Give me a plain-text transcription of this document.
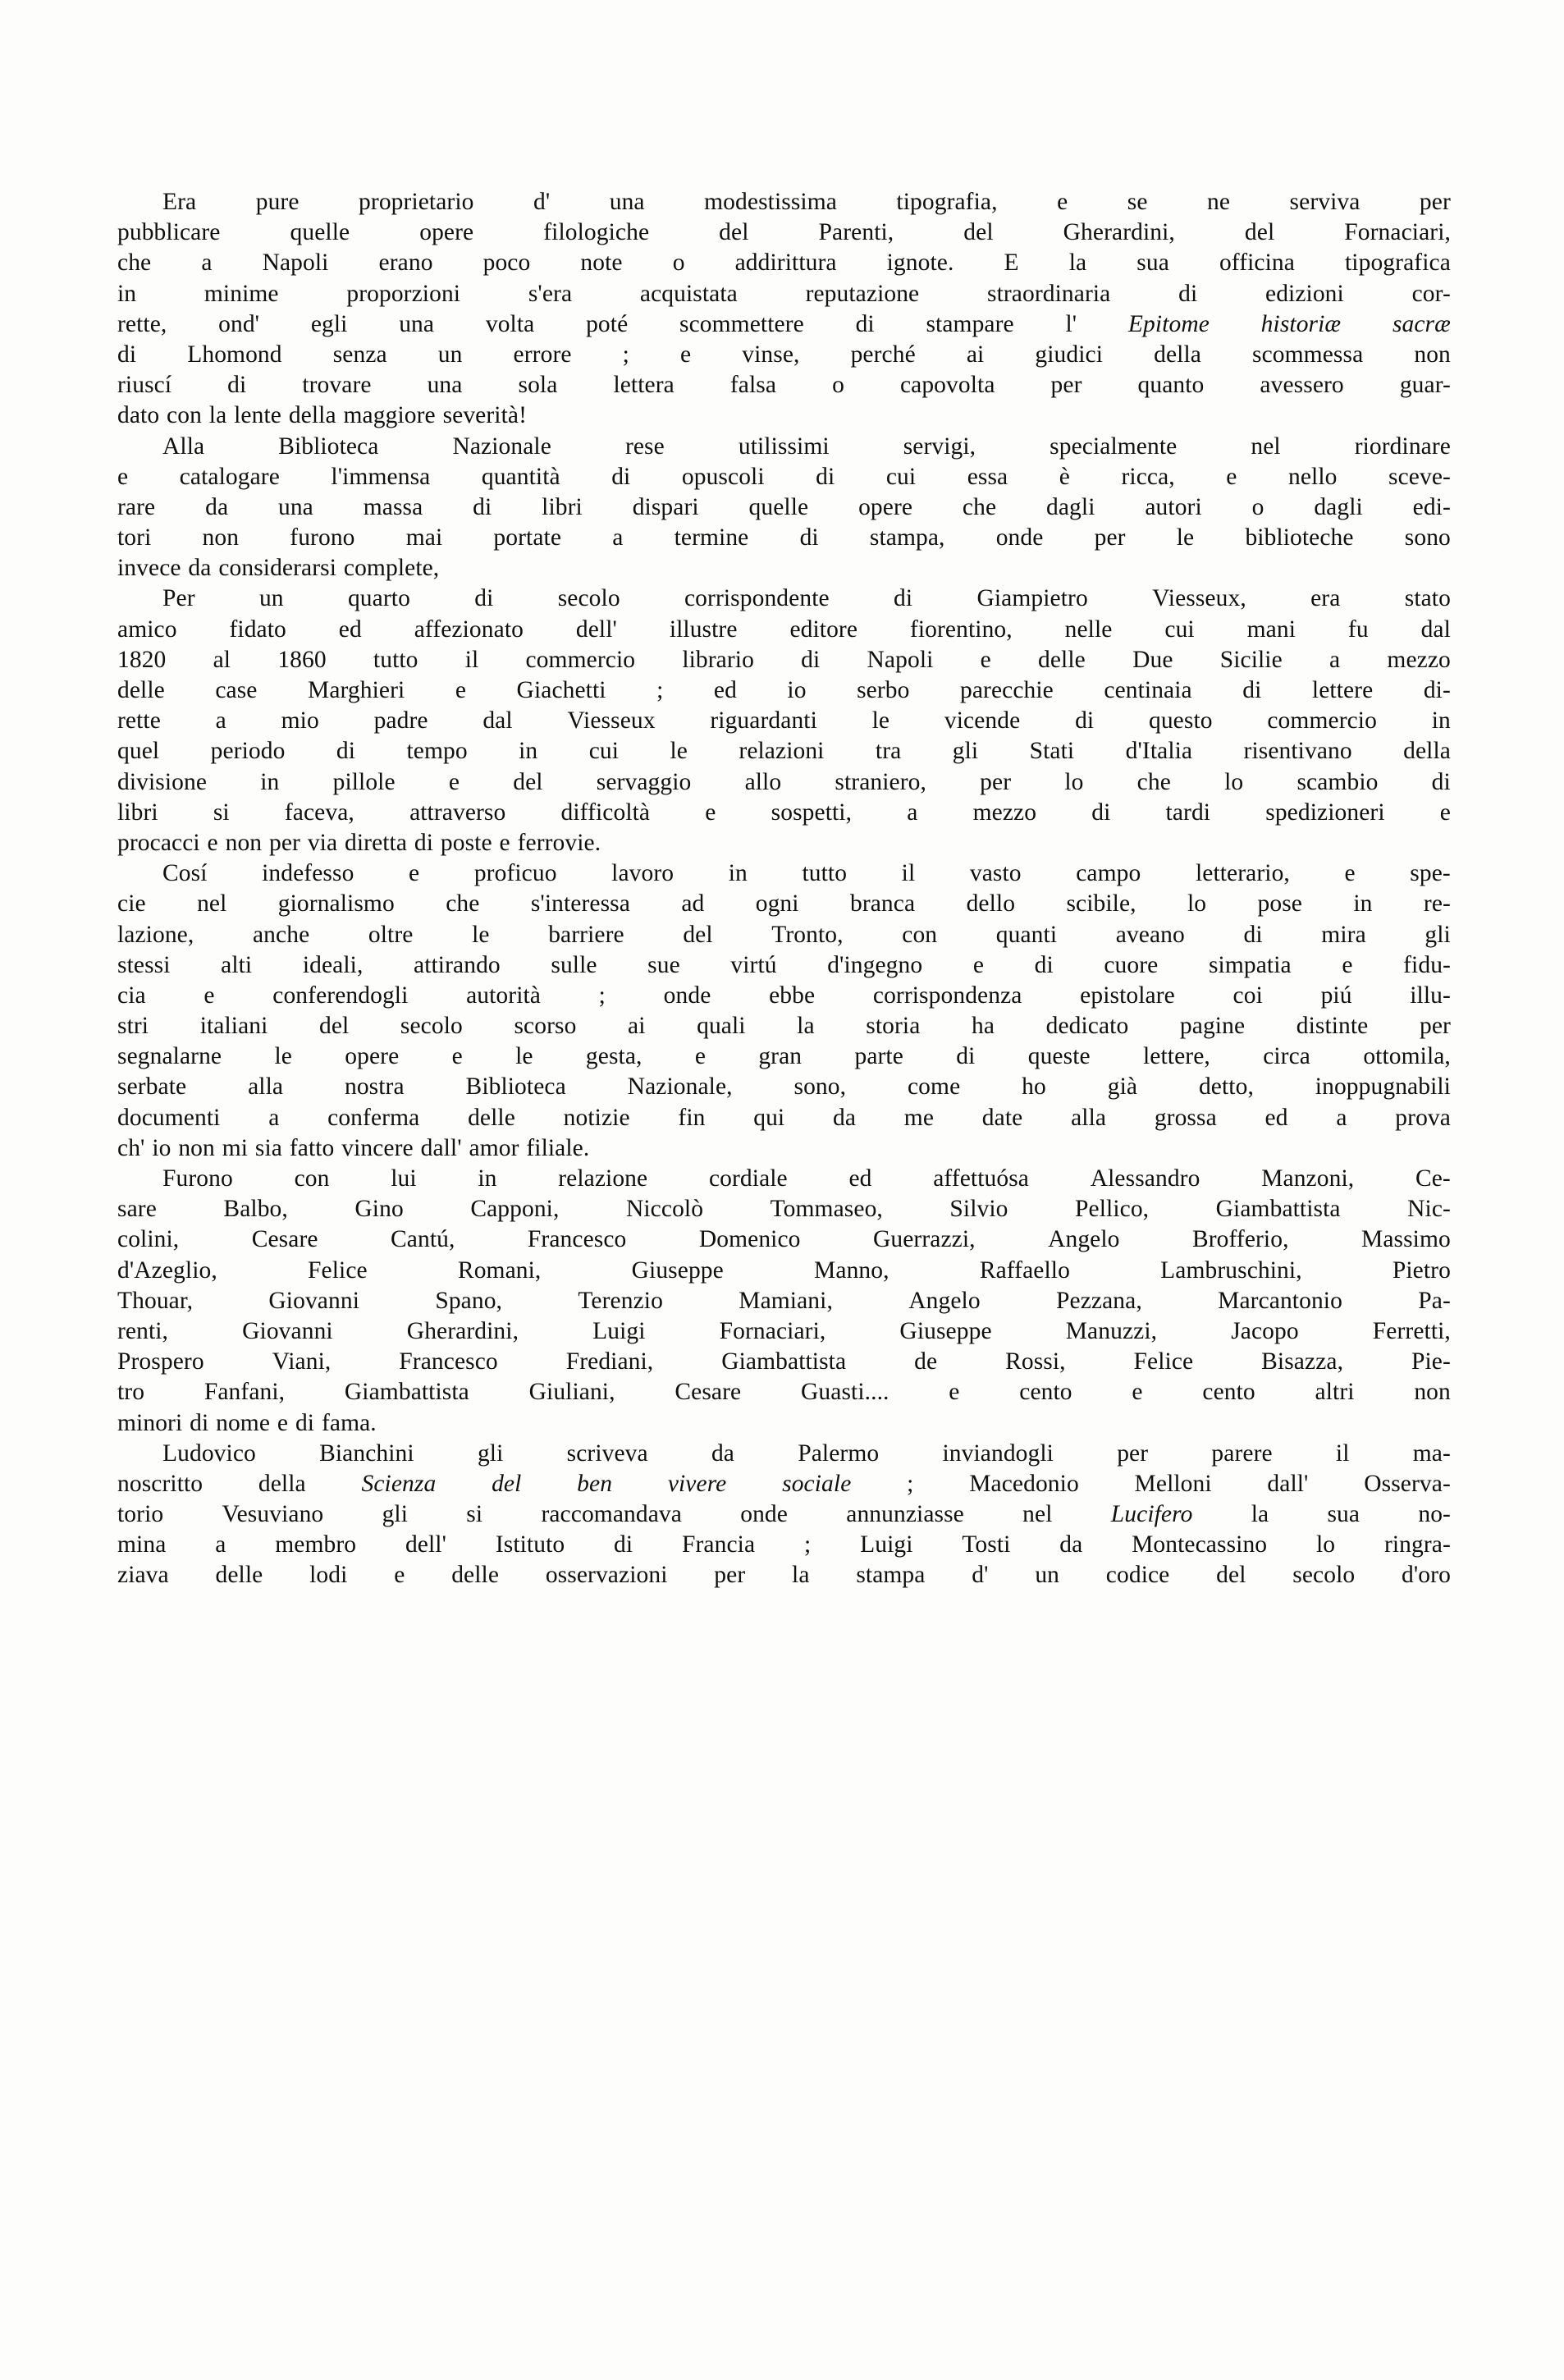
Era pure proprietario d' una modestissima tipografia, e se ne serviva per
pubblicare	quelle	opere	filologiche	del	Parenti,	del	Gherardini,	del	Fornaciari,
che a Napoli erano poco note o addirittura ignote. E la sua officina tipografica
in	minime	proporzioni	s'era	acquistata	reputazione	straordinaria	di	edizioni	cor-
rette, ond' egli una volta poté scommettere di stampare l' Epitome historiæ sacræ
di Lhomond senza un errore ; e vinse, perché ai giudici della scommessa non
riuscí di trovare una sola lettera falsa o capovolta per quanto avessero guar-
dato con la lente della maggiore severità!
Alla	Biblioteca	Nazionale	rese	utilissimi	servigi,	specialmente	nel	riordinare
e catalogare l'immensa quantità di opuscoli di cui essa è ricca, e nello sceve-
rare da una massa di libri dispari quelle opere che dagli autori o dagli edi-
tori non furono mai portate a termine di stampa, onde per le biblioteche sono
invece da considerarsi complete,
Per	un	quarto	di	secolo	corrispondente	di	Giampietro	Viesseux,	era	stato
amico fidato ed affezionato dell' illustre editore fiorentino, nelle cui mani fu dal
1820 al 1860 tutto il commercio librario di Napoli e delle Due Sicilie a mezzo
delle case Marghieri e Giachetti ; ed io serbo parecchie centinaia di lettere di-
rette a mio padre dal Viesseux riguardanti le vicende di questo commercio in
quel periodo di tempo in cui le relazioni tra gli Stati d'Italia risentivano della
divisione in pillole e del servaggio allo straniero, per lo che lo scambio di
libri si faceva, attraverso difficoltà e sospetti, a mezzo di tardi spedizioneri e
procacci e non per via diretta di poste e ferrovie.
Cosí indefesso e proficuo lavoro in tutto il vasto campo letterario, e spe-
cie nel giornalismo che s'interessa ad ogni branca dello scibile, lo pose in re-
lazione, anche oltre le barriere del Tronto, con quanti aveano di mira gli
stessi alti ideali, attirando sulle sue virtú d'ingegno e di cuore simpatia e fidu-
cia e conferendogli autorità ; onde ebbe corrispondenza epistolare coi piú illu-
stri italiani del secolo scorso ai quali la storia ha dedicato pagine distinte per
segnalarne le opere e le gesta, e gran parte di queste lettere, circa ottomila,
serbate	alla	nostra	Biblioteca	Nazionale,	sono,	come	ho	già	detto,	inoppugnabili
documenti a conferma delle notizie fin qui da me date alla grossa ed a prova
ch' io non mi sia fatto vincere dall' amor filiale.
Furono	con	lui	in	relazione	cordiale	ed	affettuósa	Alessandro	Manzoni,	Ce-
sare	Balbo,	Gino	Capponi,	Niccolò	Tommaseo,	Silvio	Pellico,	Giambattista	Nic-
colini,	Cesare	Cantú,	Francesco	Domenico	Guerrazzi,	Angelo	Brofferio,	Massimo
d'Azeglio,	Felice	Romani,	Giuseppe	Manno,	Raffaello	Lambruschini,	Pietro
Thouar,	Giovanni	Spano,	Terenzio	Mamiani,	Angelo	Pezzana,	Marcantonio	Pa-
renti,	Giovanni	Gherardini,	Luigi	Fornaciari,	Giuseppe	Manuzzi,	Jacopo	Ferretti,
Prospero	Viani,	Francesco	Frediani,	Giambattista	de	Rossi,	Felice	Bisazza,	Pie-
tro Fanfani, Giambattista Giuliani, Cesare Guasti.... e cento e cento altri non
minori di nome e di fama.
Ludovico	Bianchini	gli	scriveva	da	Palermo	inviandogli	per	parere	il	ma-
noscritto della Scienza del ben vivere sociale ; Macedonio Melloni dall' Osserva-
torio Vesuviano gli si raccomandava onde annunziasse nel Lucifero la sua no-
mina a membro dell' Istituto di Francia ; Luigi Tosti da Montecassino lo ringra-
ziava delle lodi e delle osservazioni per la stampa d' un codice del secolo d'oro
